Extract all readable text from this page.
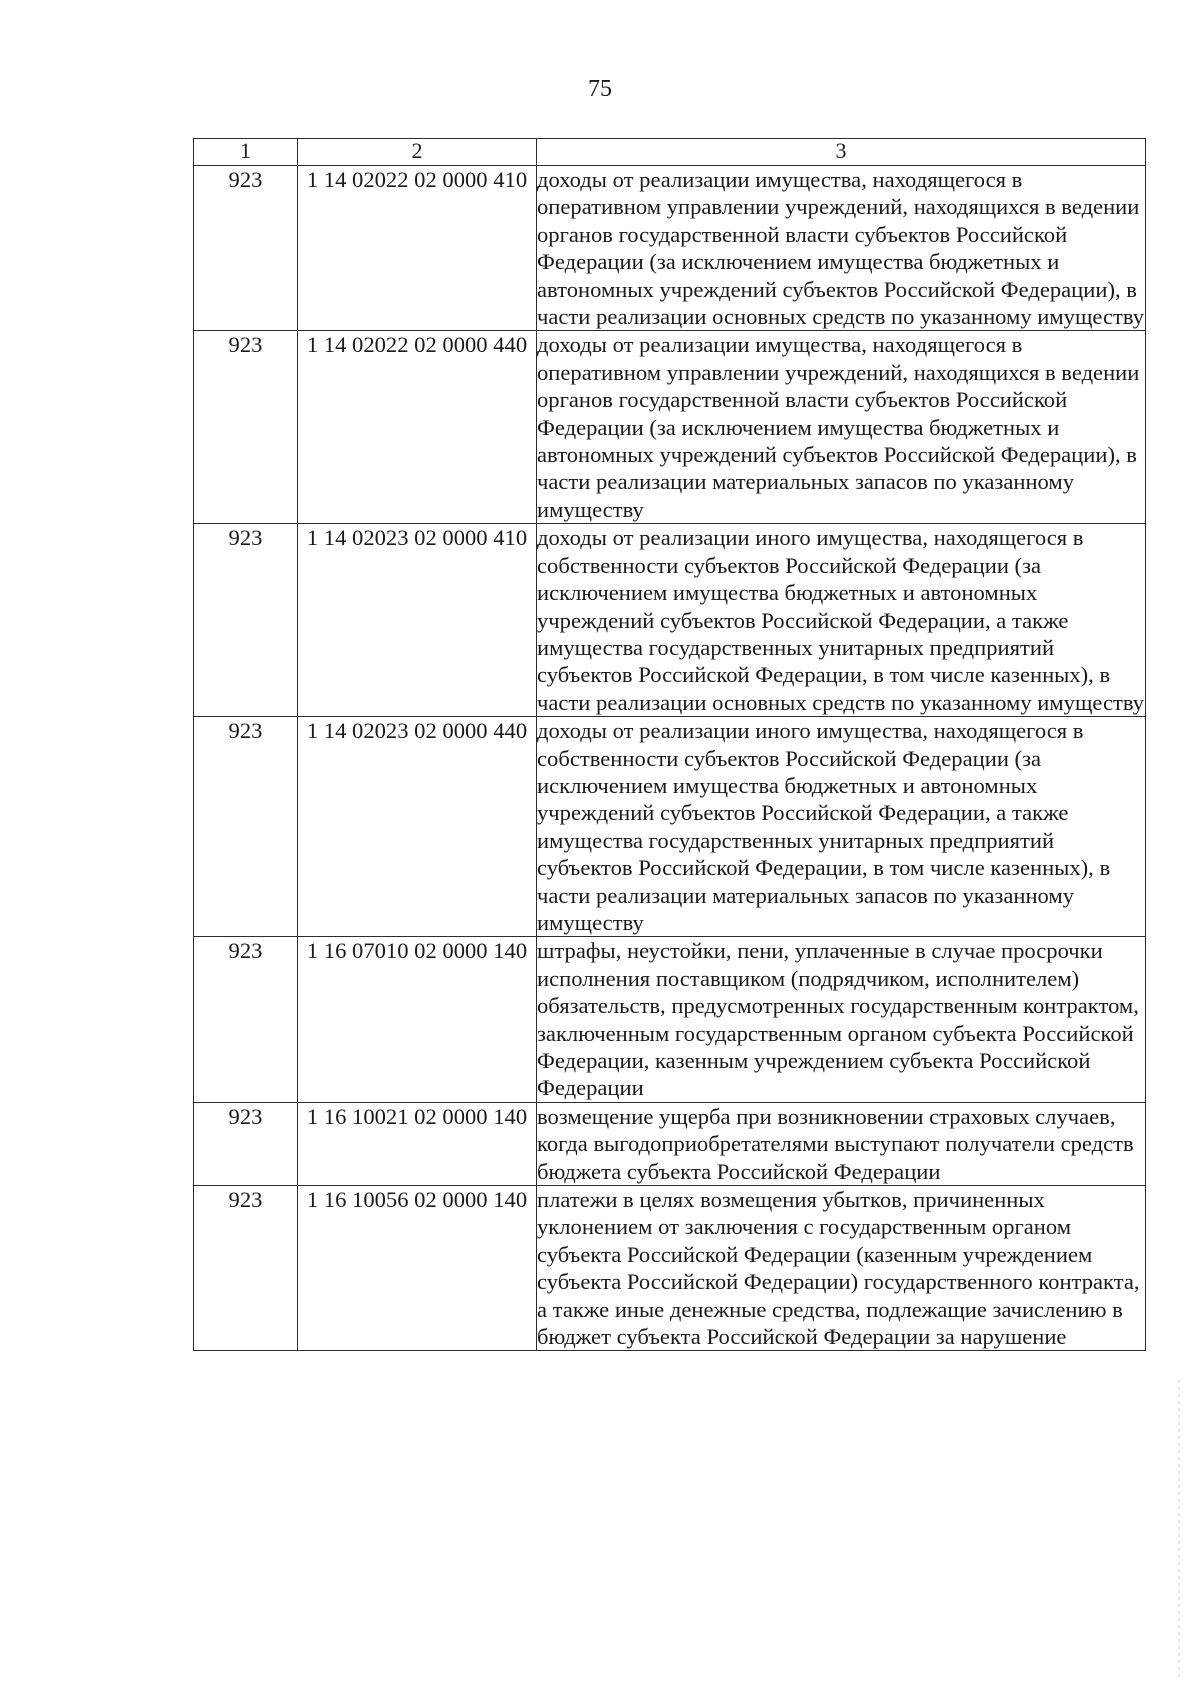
75
1	2	3
923	1 14 02022 02 0000 410	доходы от реализации имущества, находящегося в оперативном управлении учреждений, находящихся в ведении органов государственной власти субъектов Российской Федерации (за исключением имущества бюджетных и автономных учреждений субъектов Российской Федерации), в части реализации основных средств по указанному имуществу
923	1 14 02022 02 0000 440	доходы от реализации имущества, находящегося в оперативном управлении учреждений, находящихся в ведении органов государственной власти субъектов Российской Федерации (за исключением имущества бюджетных и автономных учреждений субъектов Российской Федерации), в части реализации материальных запасов по указанному имуществу
923	1 14 02023 02 0000 410	доходы от реализации иного имущества, находящегося в собственности субъектов Российской Федерации (за исключением имущества бюджетных и автономных учреждений субъектов Российской Федерации, а также имущества государственных унитарных предприятий субъектов Российской Федерации, в том числе казенных), в части реализации основных средств по указанному имуществу
923	1 14 02023 02 0000 440	доходы от реализации иного имущества, находящегося в собственности субъектов Российской Федерации (за исключением имущества бюджетных и автономных учреждений субъектов Российской Федерации, а также имущества государственных унитарных предприятий субъектов Российской Федерации, в том числе казенных), в части реализации материальных запасов по указанному имуществу
923	1 16 07010 02 0000 140	штрафы, неустойки, пени, уплаченные в случае просрочки исполнения поставщиком (подрядчиком, исполнителем) обязательств, предусмотренных государственным контрактом, заключенным государственным органом субъекта Российской Федерации, казенным учреждением субъекта Российской Федерации
923	1 16 10021 02 0000 140	возмещение ущерба при возникновении страховых случаев, когда выгодоприобретателями выступают получатели средств бюджета субъекта Российской Федерации
923	1 16 10056 02 0000 140	платежи в целях возмещения убытков, причиненных уклонением от заключения с государственным органом субъекта Российской Федерации (казенным учреждением субъекта Российской Федерации) государственного контракта, а также иные денежные средства, подлежащие зачислению в бюджет субъекта Российской Федерации за нарушение
